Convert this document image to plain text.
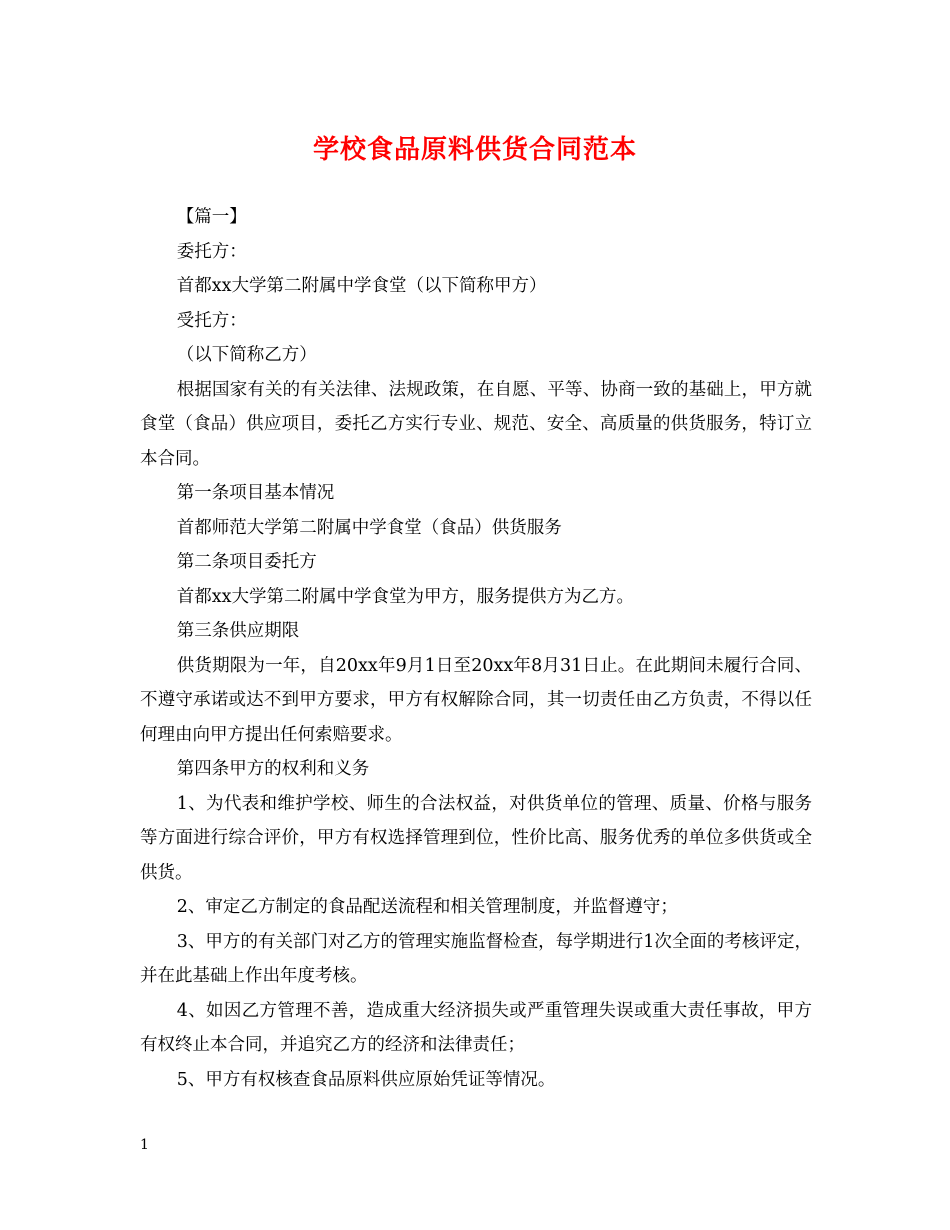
学校食品原料供货合同范本

【篇一】

委托方：

首都xx大学第二附属中学食堂（以下简称甲方）

受托方：

（以下简称乙方）

根据国家有关的有关法律、法规政策，在自愿、平等、协商一致的基础上，甲方就食堂（食品）供应项目，委托乙方实行专业、规范、安全、高质量的供货服务，特订立本合同。

第一条项目基本情况

首都师范大学第二附属中学食堂（食品）供货服务

第二条项目委托方

首都xx大学第二附属中学食堂为甲方，服务提供方为乙方。

第三条供应期限

供货期限为一年，自20xx年9月1日至20xx年8月31日止。在此期间未履行合同、不遵守承诺或达不到甲方要求，甲方有权解除合同，其一切责任由乙方负责，不得以任何理由向甲方提出任何索赔要求。

第四条甲方的权利和义务

1、为代表和维护学校、师生的合法权益，对供货单位的管理、质量、价格与服务等方面进行综合评价，甲方有权选择管理到位，性价比高、服务优秀的单位多供货或全供货。

2、审定乙方制定的食品配送流程和相关管理制度，并监督遵守；

3、甲方的有关部门对乙方的管理实施监督检查，每学期进行1次全面的考核评定，并在此基础上作出年度考核。

4、如因乙方管理不善，造成重大经济损失或严重管理失误或重大责任事故，甲方有权终止本合同，并追究乙方的经济和法律责任；

5、甲方有权核查食品原料供应原始凭证等情况。

1
